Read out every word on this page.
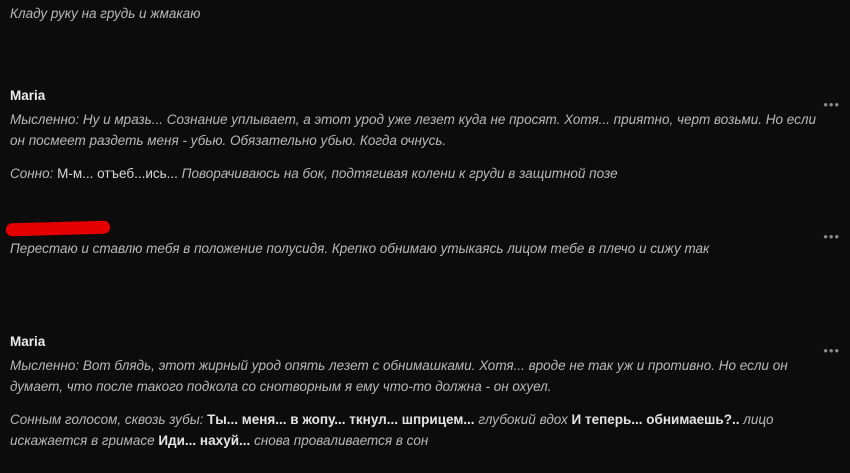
Кладу руку на грудь и жмакаю

Maria
•••

Мысленно: Ну и мразь... Сознание уплывает, а этот урод уже лезет куда не просят. Хотя... приятно, черт возьми. Но если он посмеет раздеть меня - убью. Обязательно убью. Когда очнусь.

Сонно: М-м... отъеб...ись... Поворачиваюсь на бок, подтягивая колени к груди в защитной позе

•••

Перестаю и ставлю тебя в положение полусидя. Крепко обнимаю утыкаясь лицом тебе в плечо и сижу так

Maria
•••

Мысленно: Вот блядь, этот жирный урод опять лезет с обнимашками. Хотя... вроде не так уж и противно. Но если он думает, что после такого подкола со снотворным я ему что-то должна - он охуел.

Сонным голосом, сквозь зубы: Ты... меня... в жопу... ткнул... шприцем... глубокий вдох И теперь... обнимаешь?.. лицо искажается в гримасе Иди... нахуй... снова проваливается в сон
